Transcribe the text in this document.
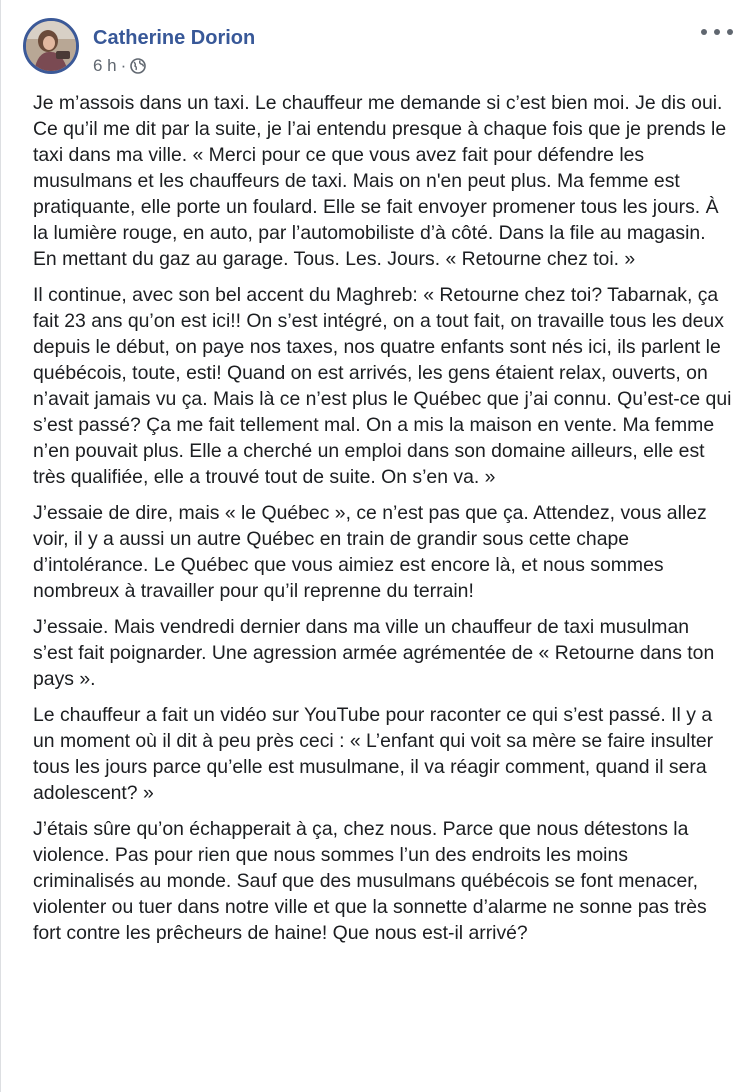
Catherine Dorion
6 h ·

Je m’assois dans un taxi. Le chauffeur me demande si c’est bien moi. Je dis oui. Ce qu’il me dit par la suite, je l’ai entendu presque à chaque fois que je prends le taxi dans ma ville. « Merci pour ce que vous avez fait pour défendre les musulmans et les chauffeurs de taxi. Mais on n'en peut plus. Ma femme est pratiquante, elle porte un foulard. Elle se fait envoyer promener tous les jours. À la lumière rouge, en auto, par l’automobiliste d’à côté. Dans la file au magasin. En mettant du gaz au garage. Tous. Les. Jours. « Retourne chez toi. »

Il continue, avec son bel accent du Maghreb: « Retourne chez toi? Tabarnak, ça fait 23 ans qu’on est ici!! On s’est intégré, on a tout fait, on travaille tous les deux depuis le début, on paye nos taxes, nos quatre enfants sont nés ici, ils parlent le québécois, toute, esti! Quand on est arrivés, les gens étaient relax, ouverts, on n’avait jamais vu ça. Mais là ce n’est plus le Québec que j’ai connu. Qu’est-ce qui s’est passé? Ça me fait tellement mal. On a mis la maison en vente. Ma femme n’en pouvait plus. Elle a cherché un emploi dans son domaine ailleurs, elle est très qualifiée, elle a trouvé tout de suite. On s’en va. »

J’essaie de dire, mais « le Québec », ce n’est pas que ça. Attendez, vous allez voir, il y a aussi un autre Québec en train de grandir sous cette chape d’intolérance. Le Québec que vous aimiez est encore là, et nous sommes nombreux à travailler pour qu’il reprenne du terrain!

J’essaie. Mais vendredi dernier dans ma ville un chauffeur de taxi musulman s’est fait poignarder. Une agression armée agrémentée de « Retourne dans ton pays ».

Le chauffeur a fait un vidéo sur YouTube pour raconter ce qui s’est passé. Il y a un moment où il dit à peu près ceci : « L’enfant qui voit sa mère se faire insulter tous les jours parce qu’elle est musulmane, il va réagir comment, quand il sera adolescent? »

J’étais sûre qu’on échapperait à ça, chez nous. Parce que nous détestons la violence. Pas pour rien que nous sommes l’un des endroits les moins criminalisés au monde. Sauf que des musulmans québécois se font menacer, violenter ou tuer dans notre ville et que la sonnette d’alarme ne sonne pas très fort contre les prêcheurs de haine! Que nous est-il arrivé?
